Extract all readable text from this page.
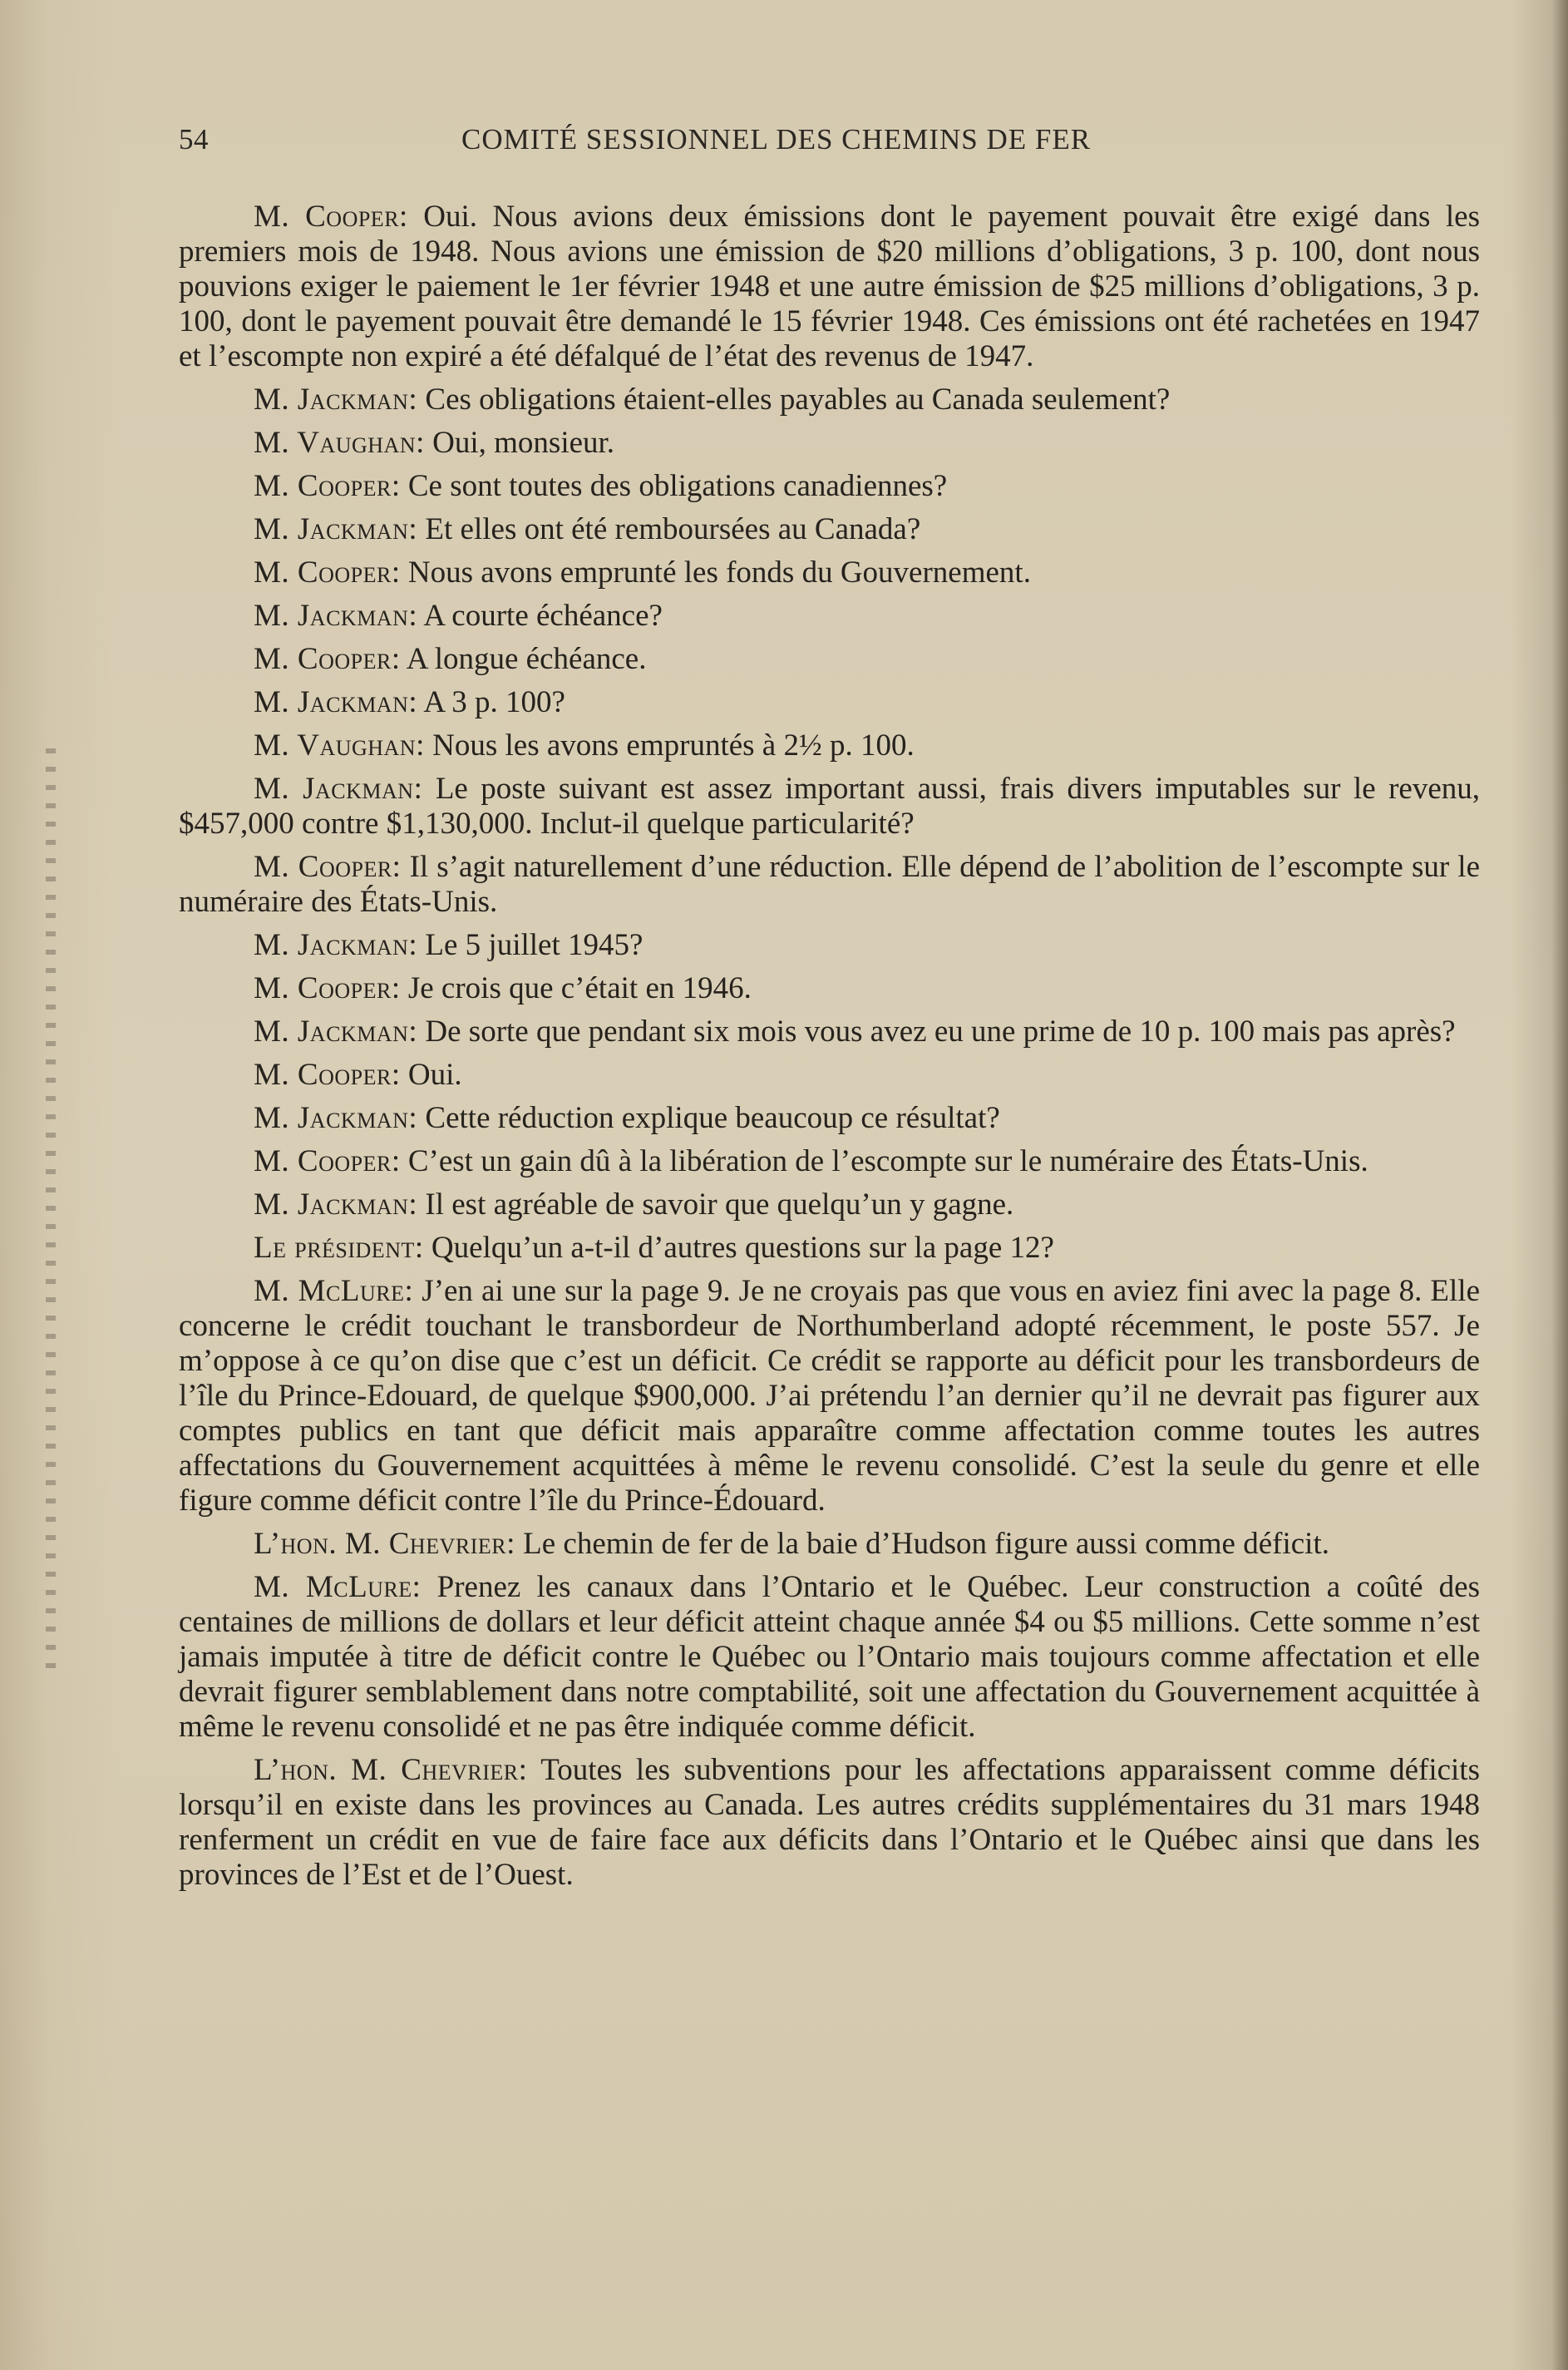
54	COMITÉ SESSIONNEL DES CHEMINS DE FER

M. Cooper: Oui. Nous avions deux émissions dont le payement pouvait être exigé dans les premiers mois de 1948. Nous avions une émission de $20 millions d’obligations, 3 p. 100, dont nous pouvions exiger le paiement le 1er février 1948 et une autre émission de $25 millions d’obligations, 3 p. 100, dont le payement pouvait être demandé le 15 février 1948. Ces émissions ont été rachetées en 1947 et l’escompte non expiré a été défalqué de l’état des revenus de 1947.

M. Jackman: Ces obligations étaient-elles payables au Canada seulement?

M. Vaughan: Oui, monsieur.

M. Cooper: Ce sont toutes des obligations canadiennes?

M. Jackman: Et elles ont été remboursées au Canada?

M. Cooper: Nous avons emprunté les fonds du Gouvernement.

M. Jackman: A courte échéance?

M. Cooper: A longue échéance.

M. Jackman: A 3 p. 100?

M. Vaughan: Nous les avons empruntés à 2½ p. 100.

M. Jackman: Le poste suivant est assez important aussi, frais divers imputables sur le revenu, $457,000 contre $1,130,000. Inclut-il quelque particularité?

M. Cooper: Il s’agit naturellement d’une réduction. Elle dépend de l’abolition de l’escompte sur le numéraire des États-Unis.

M. Jackman: Le 5 juillet 1945?

M. Cooper: Je crois que c’était en 1946.

M. Jackman: De sorte que pendant six mois vous avez eu une prime de 10 p. 100 mais pas après?

M. Cooper: Oui.

M. Jackman: Cette réduction explique beaucoup ce résultat?

M. Cooper: C’est un gain dû à la libération de l’escompte sur le numéraire des États-Unis.

M. Jackman: Il est agréable de savoir que quelqu’un y gagne.

Le président: Quelqu’un a-t-il d’autres questions sur la page 12?

M. McLure: J’en ai une sur la page 9. Je ne croyais pas que vous en aviez fini avec la page 8. Elle concerne le crédit touchant le transbordeur de Northumberland adopté récemment, le poste 557. Je m’oppose à ce qu’on dise que c’est un déficit. Ce crédit se rapporte au déficit pour les transbordeurs de l’île du Prince-Edouard, de quelque $900,000. J’ai prétendu l’an dernier qu’il ne devrait pas figurer aux comptes publics en tant que déficit mais apparaître comme affectation comme toutes les autres affectations du Gouvernement acquittées à même le revenu consolidé. C’est la seule du genre et elle figure comme déficit contre l’île du Prince-Édouard.

L’hon. M. Chevrier: Le chemin de fer de la baie d’Hudson figure aussi comme déficit.

M. McLure: Prenez les canaux dans l’Ontario et le Québec. Leur construction a coûté des centaines de millions de dollars et leur déficit atteint chaque année $4 ou $5 millions. Cette somme n’est jamais imputée à titre de déficit contre le Québec ou l’Ontario mais toujours comme affectation et elle devrait figurer semblablement dans notre comptabilité, soit une affectation du Gouvernement acquittée à même le revenu consolidé et ne pas être indiquée comme déficit.

L’hon. M. Chevrier: Toutes les subventions pour les affectations apparaissent comme déficits lorsqu’il en existe dans les provinces au Canada. Les autres crédits supplémentaires du 31 mars 1948 renferment un crédit en vue de faire face aux déficits dans l’Ontario et le Québec ainsi que dans les provinces de l’Est et de l’Ouest.
